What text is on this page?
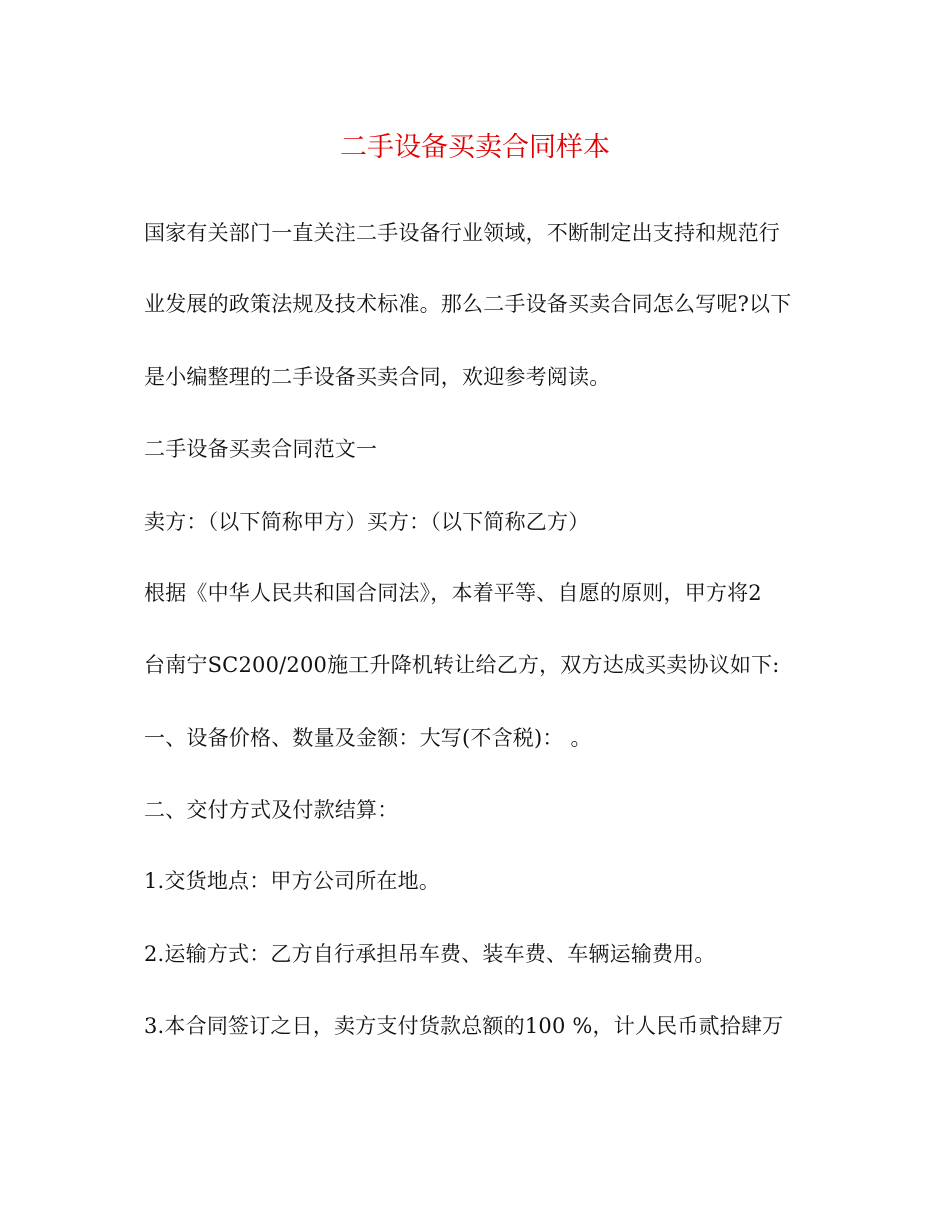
二手设备买卖合同样本
国家有关部门一直关注二手设备行业领域，不断制定出支持和规范行
业发展的政策法规及技术标准。那么二手设备买卖合同怎么写呢?以下
是小编整理的二手设备买卖合同，欢迎参考阅读。
二手设备买卖合同范文一
卖方：（以下简称甲方）买方：（以下简称乙方）
根据《中华人民共和国合同法》，本着平等、自愿的原则，甲方将2
台南宁SC200/200施工升降机转让给乙方，双方达成买卖协议如下:
一、设备价格、数量及金额：大写(不含税)： 。
二、交付方式及付款结算：
1.交货地点：甲方公司所在地。
2.运输方式：乙方自行承担吊车费、装车费、车辆运输费用。
3.本合同签订之日，卖方支付货款总额的100 %，计人民币贰拾肆万
